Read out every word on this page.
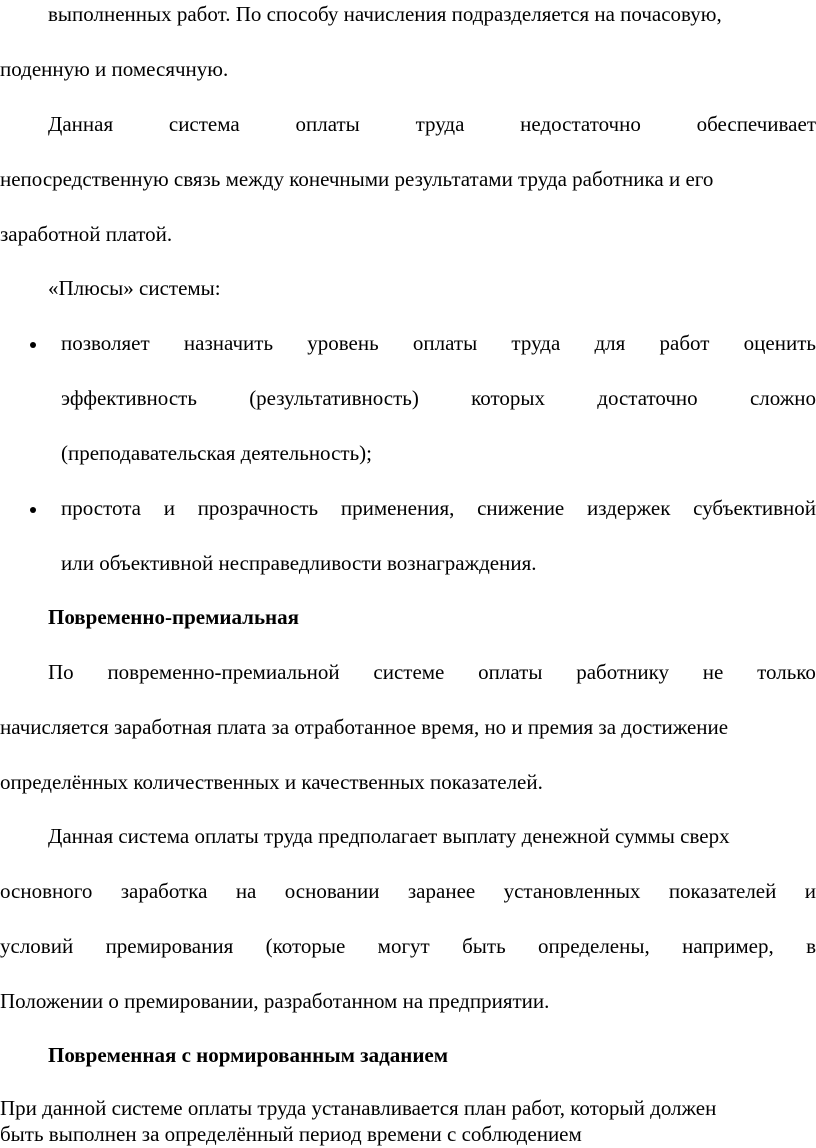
выполненных работ. По способу начисления подразделяется на почасовую,
поденную и помесячную.
Данная	система	оплаты	труда	недостаточно	обеспечивает
непосредственную связь между конечными результатами труда работника и его
заработной платой.
«Плюсы» системы:
позволяет назначить уровень оплаты труда для работ оценить
эффективность (результативность) которых достаточно сложно
(преподавательская деятельность);
простота и прозрачность применения, снижение издержек субъективной
или объективной несправедливости вознаграждения.
Повременно-премиальная
По повременно-премиальной системе оплаты работнику не только
начисляется заработная плата за отработанное время, но и премия за достижение
определённых количественных и качественных показателей.
Данная система оплаты труда предполагает выплату денежной суммы сверх
основного заработка на основании заранее установленных показателей и
условий премирования (которые могут быть определены, например, в
Положении о премировании, разработанном на предприятии.
Повременная с нормированным заданием
При данной системе оплаты труда устанавливается план работ, который должен
быть выполнен за определённый период времени с соблюдением
